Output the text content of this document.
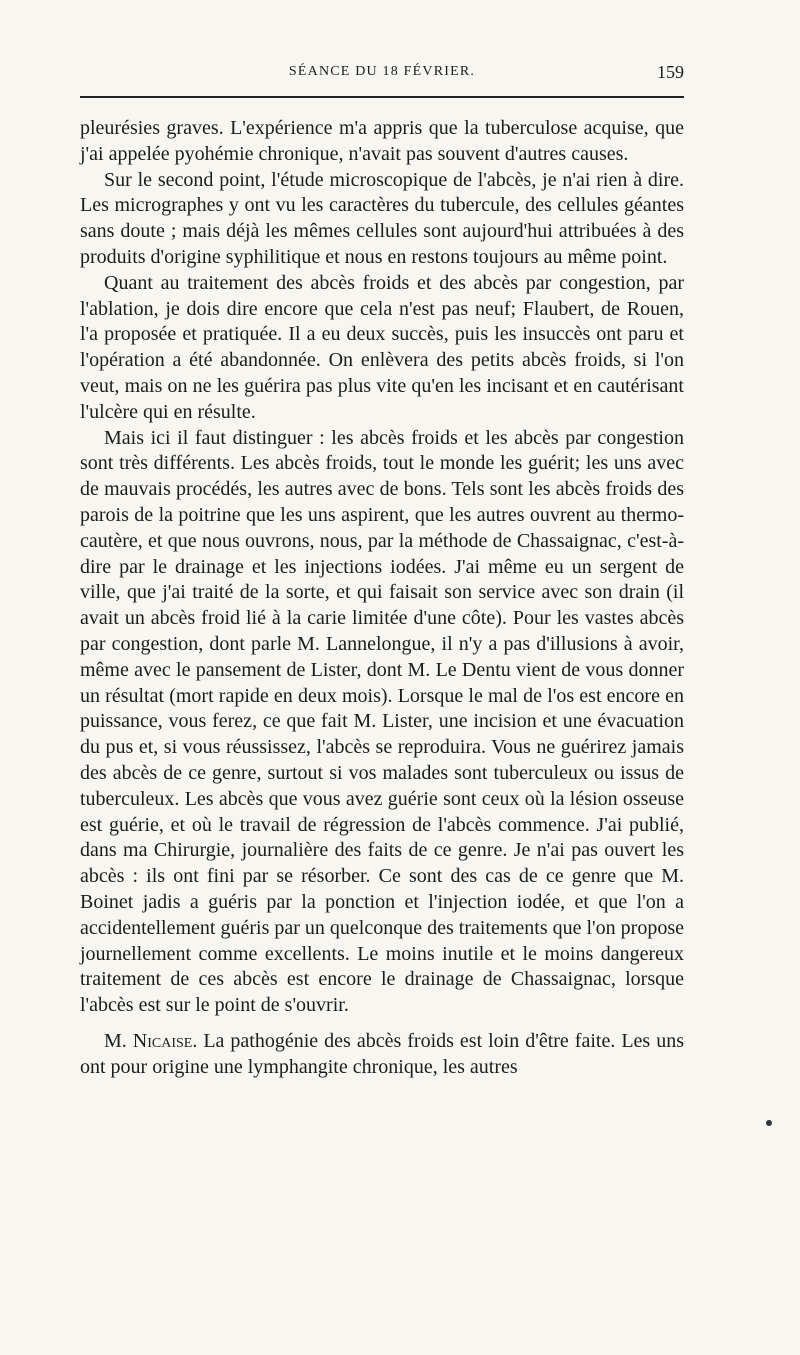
SÉANCE DU 18 FÉVRIER.	159

pleurésies graves. L'expérience m'a appris que la tuberculose acquise, que j'ai appelée pyohémie chronique, n'avait pas souvent d'autres causes.

Sur le second point, l'étude microscopique de l'abcès, je n'ai rien à dire. Les micrographes y ont vu les caractères du tubercule, des cellules géantes sans doute ; mais déjà les mêmes cellules sont aujourd'hui attribuées à des produits d'origine syphilitique et nous en restons toujours au même point.

Quant au traitement des abcès froids et des abcès par congestion, par l'ablation, je dois dire encore que cela n'est pas neuf; Flaubert, de Rouen, l'a proposée et pratiquée. Il a eu deux succès, puis les insuccès ont paru et l'opération a été abandonnée. On enlèvera des petits abcès froids, si l'on veut, mais on ne les guérira pas plus vite qu'en les incisant et en cautérisant l'ulcère qui en résulte.

Mais ici il faut distinguer : les abcès froids et les abcès par congestion sont très différents. Les abcès froids, tout le monde les guérit; les uns avec de mauvais procédés, les autres avec de bons. Tels sont les abcès froids des parois de la poitrine que les uns aspirent, que les autres ouvrent au thermo-cautère, et que nous ouvrons, nous, par la méthode de Chassaignac, c'est-à-dire par le drainage et les injections iodées. J'ai même eu un sergent de ville, que j'ai traité de la sorte, et qui faisait son service avec son drain (il avait un abcès froid lié à la carie limitée d'une côte). Pour les vastes abcès par congestion, dont parle M. Lannelongue, il n'y a pas d'illusions à avoir, même avec le pansement de Lister, dont M. Le Dentu vient de vous donner un résultat (mort rapide en deux mois). Lorsque le mal de l'os est encore en puissance, vous ferez, ce que fait M. Lister, une incision et une évacuation du pus et, si vous réussissez, l'abcès se reproduira. Vous ne guérirez jamais des abcès de ce genre, surtout si vos malades sont tuberculeux ou issus de tuberculeux. Les abcès que vous avez guérie sont ceux où la lésion osseuse est guérie, et où le travail de régression de l'abcès commence. J'ai publié, dans ma Chirurgie, journalière des faits de ce genre. Je n'ai pas ouvert les abcès : ils ont fini par se résorber. Ce sont des cas de ce genre que M. Boinet jadis a guéris par la ponction et l'injection iodée, et que l'on a accidentellement guéris par un quelconque des traitements que l'on propose journellement comme excellents. Le moins inutile et le moins dangereux traitement de ces abcès est encore le drainage de Chassaignac, lorsque l'abcès est sur le point de s'ouvrir.

M. Nicaise. La pathogénie des abcès froids est loin d'être faite. Les uns ont pour origine une lymphangite chronique, les autres
